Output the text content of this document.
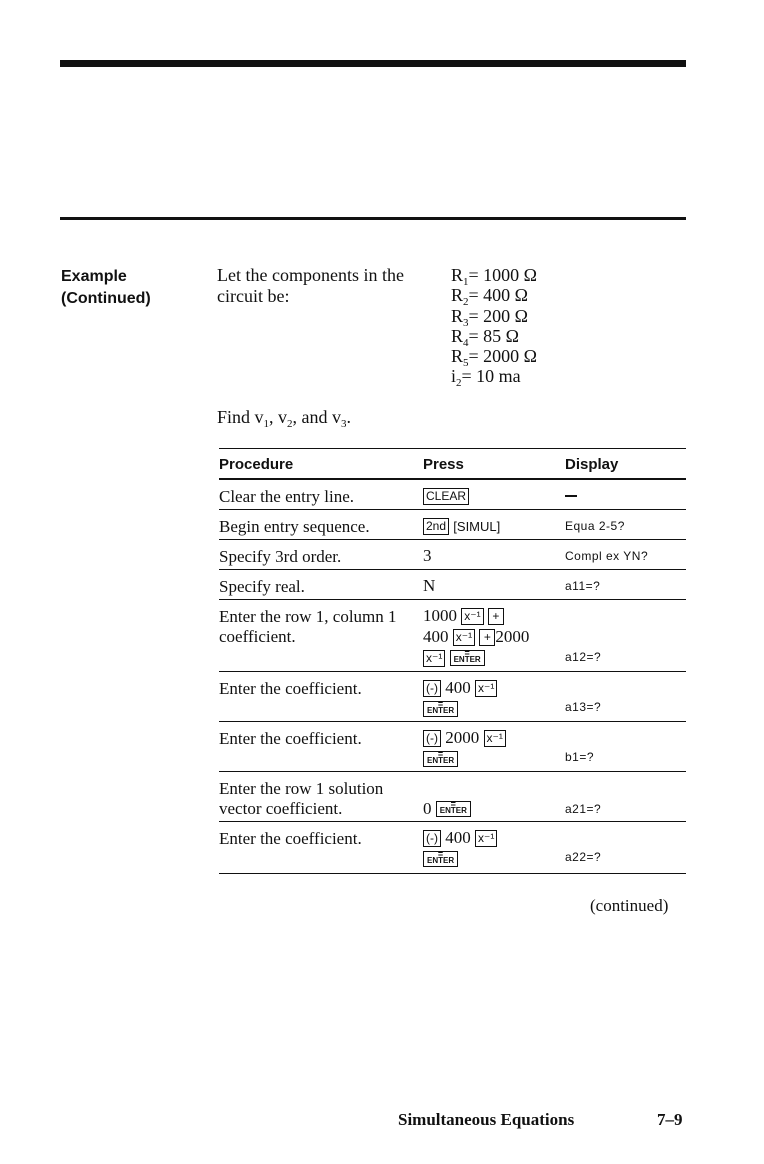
Example
(Continued)
Let the components in the circuit be:
$R_1= 1000$ Ω
$R_2= 400$ Ω
$R_3= 200$ Ω
$R_4= 85$ Ω
$R_5= 2000$ Ω
$i_2= 10$ ma
Find $v_1$, $v_2$, and $v_3$.
Procedure	Press	Display
Clear the entry line.	CLEAR
Begin entry sequence.	2nd [SIMUL]	Equa 2-5?
Specify 3rd order.	3	Compl ex YN?
Specify real.	N	a11=?
Enter the row 1, column 1 coefficient.
1000 x⁻¹ +
400 x⁻¹ + 2000
x⁻¹ = ENTER	a12=?
Enter the coefficient.	(-) 400 x⁻¹
= ENTER	a13=?
Enter the coefficient.	(-) 2000 x⁻¹
= ENTER	b1=?
Enter the row 1 solution vector coefficient.	0 = ENTER	a21=?
Enter the coefficient.	(-) 400 x⁻¹
= ENTER	a22=?
(continued)
Simultaneous Equations	7–9
